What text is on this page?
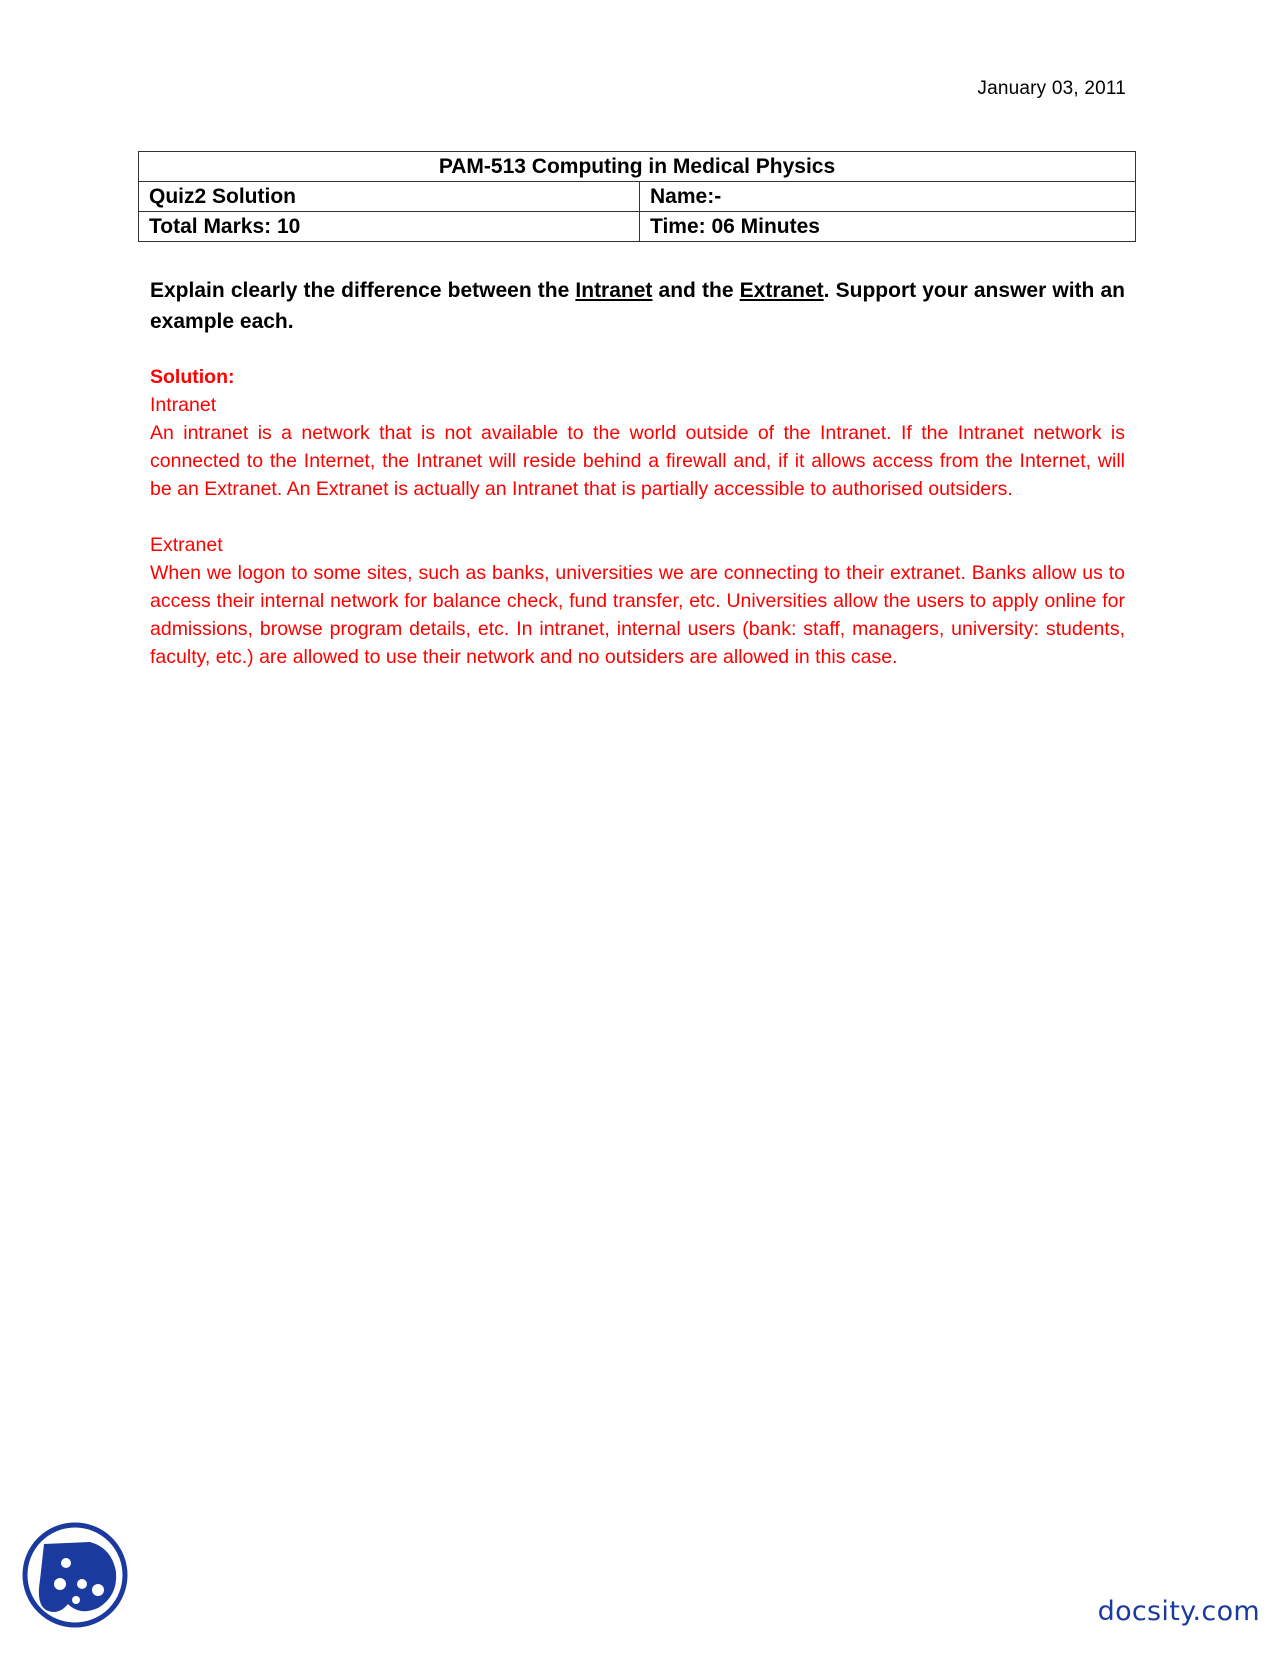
January 03, 2011
PAM-513 Computing in Medical Physics	
Quiz2 Solution	Name:-
Total Marks: 10	Time: 06 Minutes
Explain clearly the difference between the Intranet and the Extranet. Support your answer with an example each.

Solution:

Intranet

An intranet is a network that is not available to the world outside of the Intranet. If the Intranet network is connected to the Internet, the Intranet will reside behind a firewall and, if it allows access from the Internet, will be an Extranet. An Extranet is actually an Intranet that is partially accessible to authorised outsiders.

Extranet

When we logon to some sites, such as banks, universities we are connecting to their extranet. Banks allow us to access their internal network for balance check, fund transfer, etc. Universities allow the users to apply online for admissions, browse program details, etc. In intranet, internal users (bank: staff, managers, university: students, faculty, etc.) are allowed to use their network and no outsiders are allowed in this case.

docsity.com
